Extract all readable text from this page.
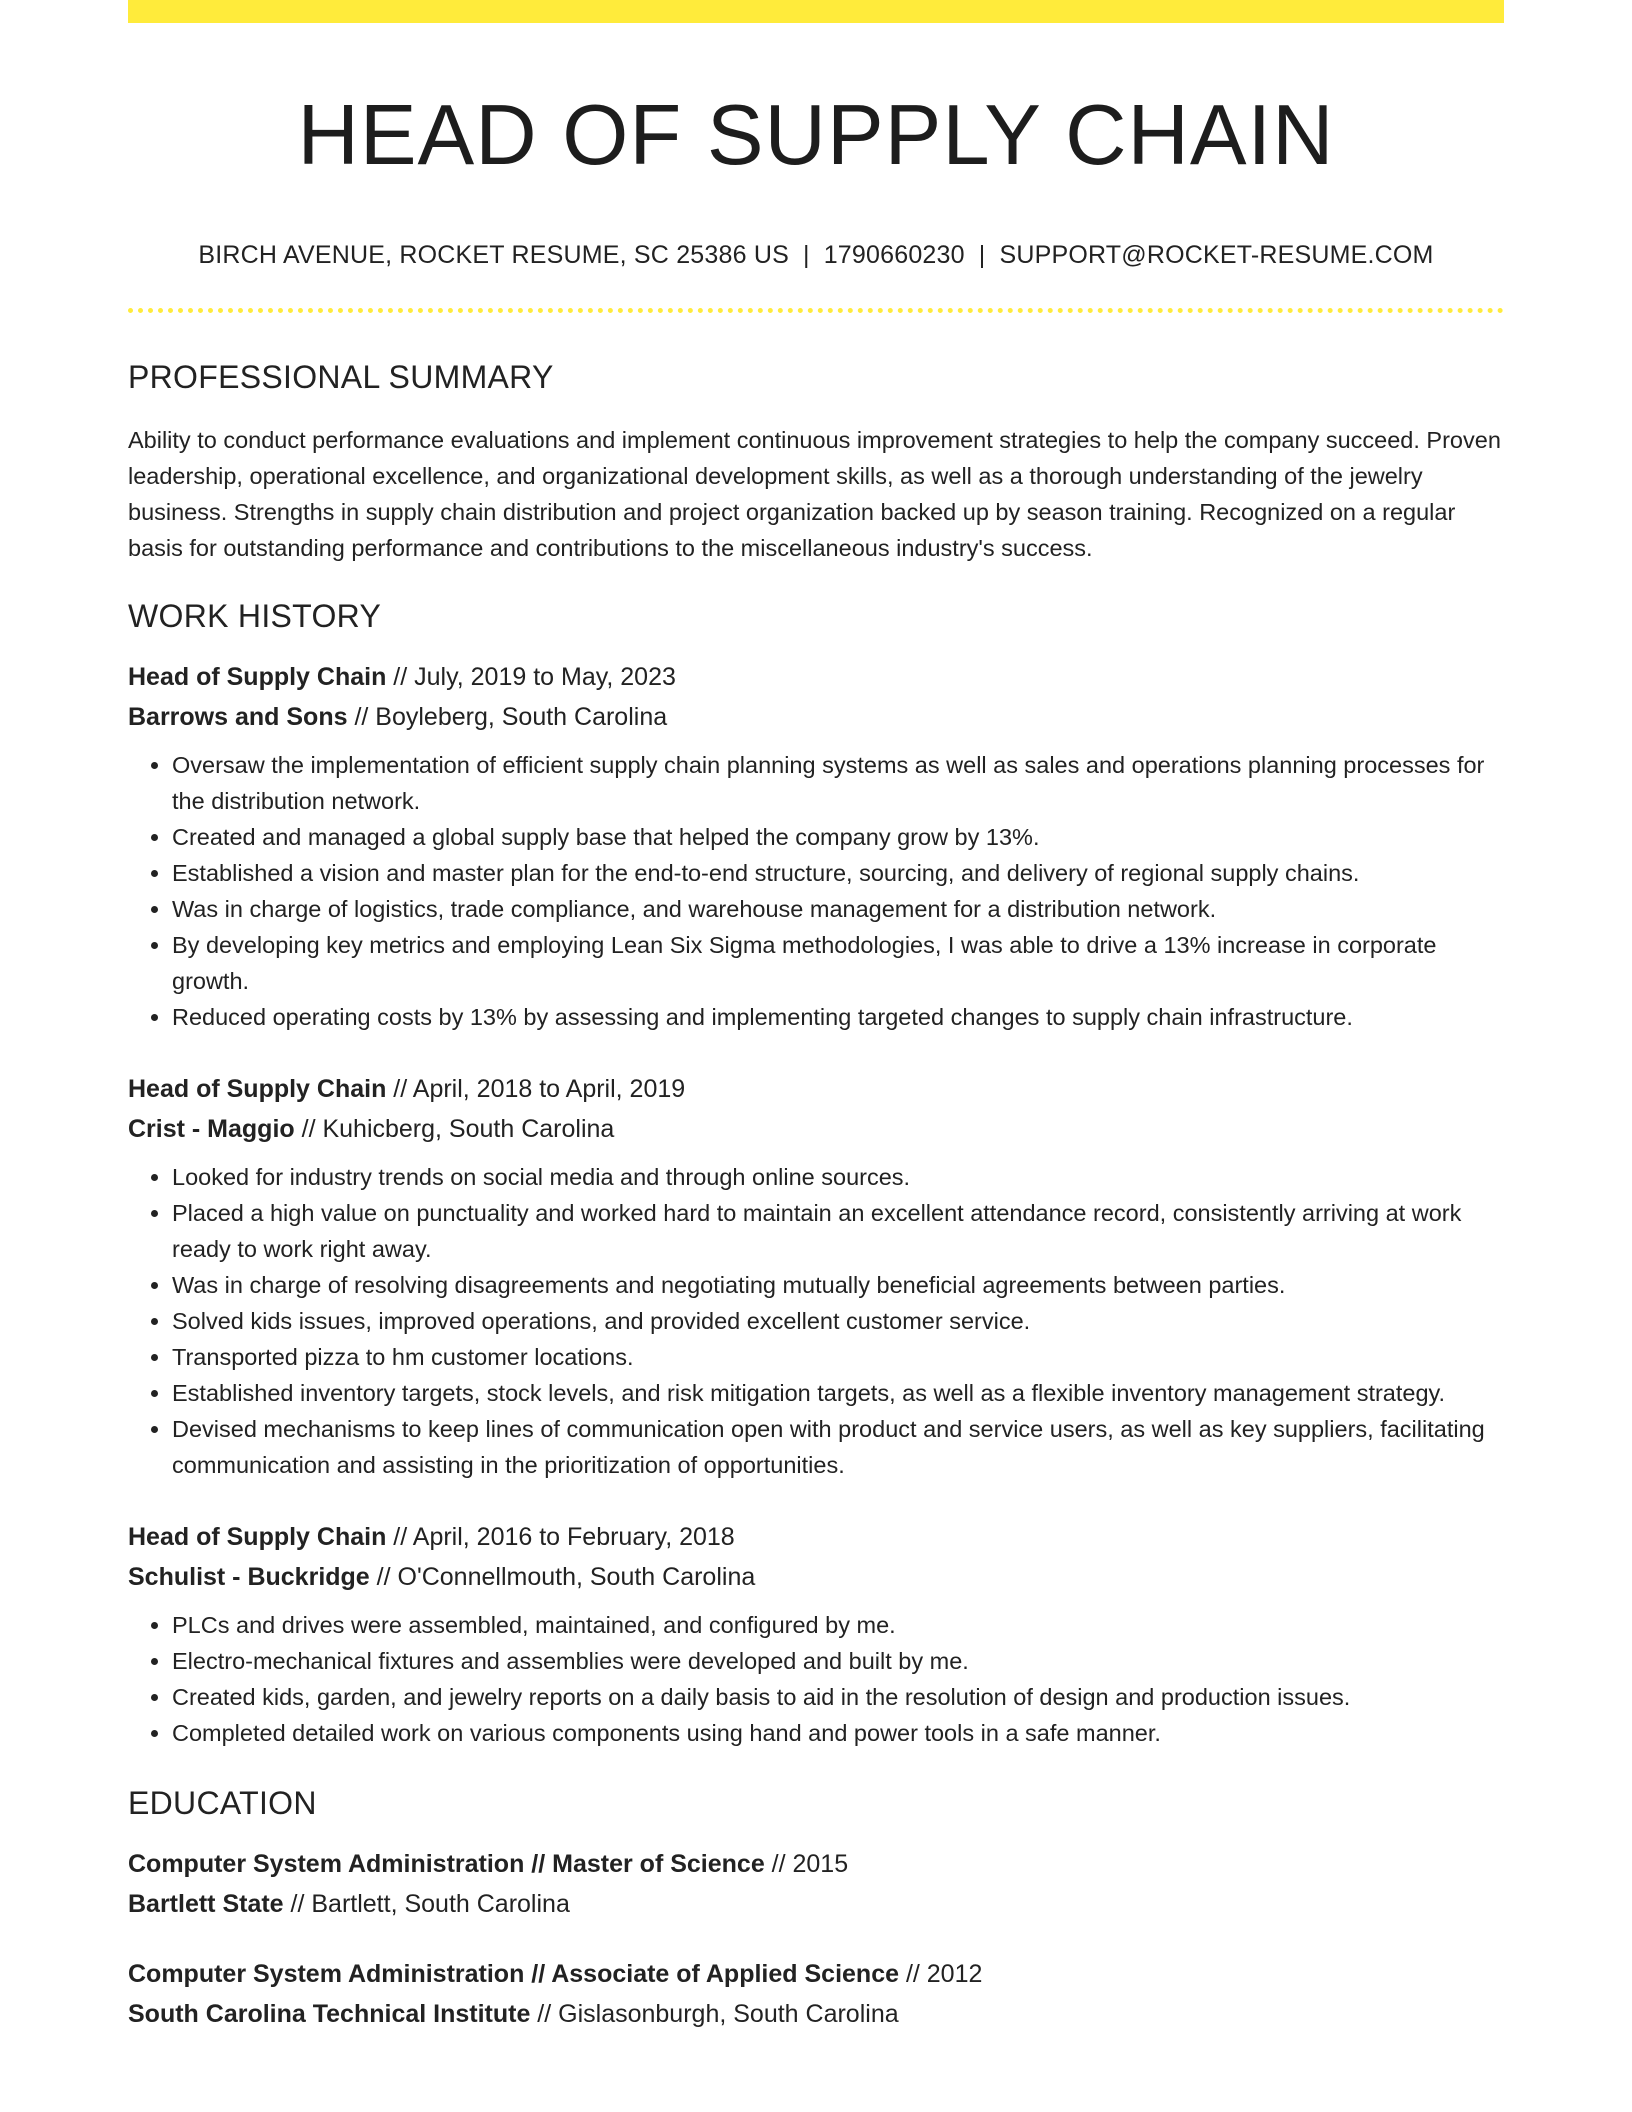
HEAD OF SUPPLY CHAIN
BIRCH AVENUE, ROCKET RESUME, SC 25386 US | 1790660230 | SUPPORT@ROCKET-RESUME.COM
PROFESSIONAL SUMMARY
Ability to conduct performance evaluations and implement continuous improvement strategies to help the company succeed. Proven leadership, operational excellence, and organizational development skills, as well as a thorough understanding of the jewelry business. Strengths in supply chain distribution and project organization backed up by season training. Recognized on a regular basis for outstanding performance and contributions to the miscellaneous industry's success.
WORK HISTORY
Head of Supply Chain // July, 2019 to May, 2023
Barrows and Sons // Boyleberg, South Carolina
• Oversaw the implementation of efficient supply chain planning systems as well as sales and operations planning processes for the distribution network.
• Created and managed a global supply base that helped the company grow by 13%.
• Established a vision and master plan for the end-to-end structure, sourcing, and delivery of regional supply chains.
• Was in charge of logistics, trade compliance, and warehouse management for a distribution network.
• By developing key metrics and employing Lean Six Sigma methodologies, I was able to drive a 13% increase in corporate growth.
• Reduced operating costs by 13% by assessing and implementing targeted changes to supply chain infrastructure.
Head of Supply Chain // April, 2018 to April, 2019
Crist - Maggio // Kuhicberg, South Carolina
• Looked for industry trends on social media and through online sources.
• Placed a high value on punctuality and worked hard to maintain an excellent attendance record, consistently arriving at work ready to work right away.
• Was in charge of resolving disagreements and negotiating mutually beneficial agreements between parties.
• Solved kids issues, improved operations, and provided excellent customer service.
• Transported pizza to hm customer locations.
• Established inventory targets, stock levels, and risk mitigation targets, as well as a flexible inventory management strategy.
• Devised mechanisms to keep lines of communication open with product and service users, as well as key suppliers, facilitating communication and assisting in the prioritization of opportunities.
Head of Supply Chain // April, 2016 to February, 2018
Schulist - Buckridge // O'Connellmouth, South Carolina
• PLCs and drives were assembled, maintained, and configured by me.
• Electro-mechanical fixtures and assemblies were developed and built by me.
• Created kids, garden, and jewelry reports on a daily basis to aid in the resolution of design and production issues.
• Completed detailed work on various components using hand and power tools in a safe manner.
EDUCATION
Computer System Administration // Master of Science // 2015
Bartlett State // Bartlett, South Carolina
Computer System Administration // Associate of Applied Science // 2012
South Carolina Technical Institute // Gislasonburgh, South Carolina
